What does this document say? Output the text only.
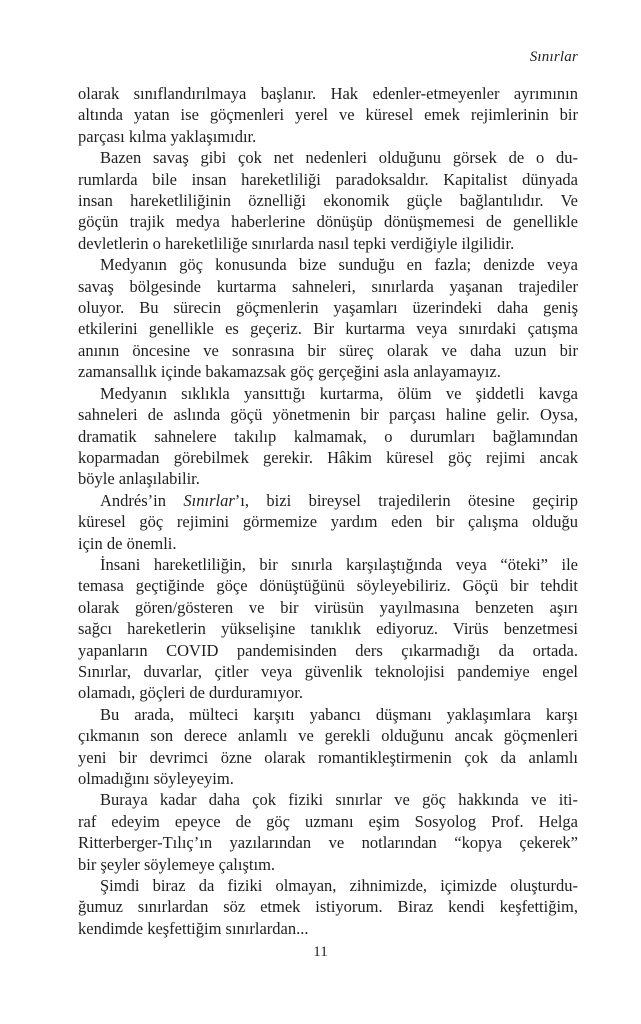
Sınırlar
olarak sınıflandırılmaya başlanır. Hak edenler-etmeyenler ayrımının
altında yatan ise göçmenleri yerel ve küresel emek rejimlerinin bir
parçası kılma yaklaşımıdır.
Bazen savaş gibi çok net nedenleri olduğunu görsek de o du-
rumlarda bile insan hareketliliği paradoksaldır. Kapitalist dünyada
insan hareketliliğinin öznelliği ekonomik güçle bağlantılıdır. Ve
göçün trajik medya haberlerine dönüşüp dönüşmemesi de genellikle
devletlerin o hareketliliğe sınırlarda nasıl tepki verdiğiyle ilgilidir.
Medyanın göç konusunda bize sunduğu en fazla; denizde veya
savaş bölgesinde kurtarma sahneleri, sınırlarda yaşanan trajediler
oluyor. Bu sürecin göçmenlerin yaşamları üzerindeki daha geniş
etkilerini genellikle es geçeriz. Bir kurtarma veya sınırdaki çatışma
anının öncesine ve sonrasına bir süreç olarak ve daha uzun bir
zamansallık içinde bakamazsak göç gerçeğini asla anlayamayız.
Medyanın sıklıkla yansıttığı kurtarma, ölüm ve şiddetli kavga
sahneleri de aslında göçü yönetmenin bir parçası haline gelir. Oysa,
dramatik sahnelere takılıp kalmamak, o durumları bağlamından
koparmadan görebilmek gerekir. Hâkim küresel göç rejimi ancak
böyle anlaşılabilir.
Andrés’in Sınırlar’ı, bizi bireysel trajedilerin ötesine geçirip
küresel göç rejimini görmemize yardım eden bir çalışma olduğu
için de önemli.
İnsani hareketliliğin, bir sınırla karşılaştığında veya “öteki” ile
temasa geçtiğinde göçe dönüştüğünü söyleyebiliriz. Göçü bir tehdit
olarak gören/gösteren ve bir virüsün yayılmasına benzeten aşırı
sağcı hareketlerin yükselişine tanıklık ediyoruz. Virüs benzetmesi
yapanların COVID pandemisinden ders çıkarmadığı da ortada.
Sınırlar, duvarlar, çitler veya güvenlik teknolojisi pandemiye engel
olamadı, göçleri de durduramıyor.
Bu arada, mülteci karşıtı yabancı düşmanı yaklaşımlara karşı
çıkmanın son derece anlamlı ve gerekli olduğunu ancak göçmenleri
yeni bir devrimci özne olarak romantikleştirmenin çok da anlamlı
olmadığını söyleyeyim.
Buraya kadar daha çok fiziki sınırlar ve göç hakkında ve iti-
raf edeyim epeyce de göç uzmanı eşim Sosyolog Prof. Helga
Ritterberger-Tılıç’ın yazılarından ve notlarından “kopya çekerek”
bir şeyler söylemeye çalıştım.
Şimdi biraz da fiziki olmayan, zihnimizde, içimizde oluşturdu-
ğumuz sınırlardan söz etmek istiyorum. Biraz kendi keşfettiğim,
kendimde keşfettiğim sınırlardan...
11
